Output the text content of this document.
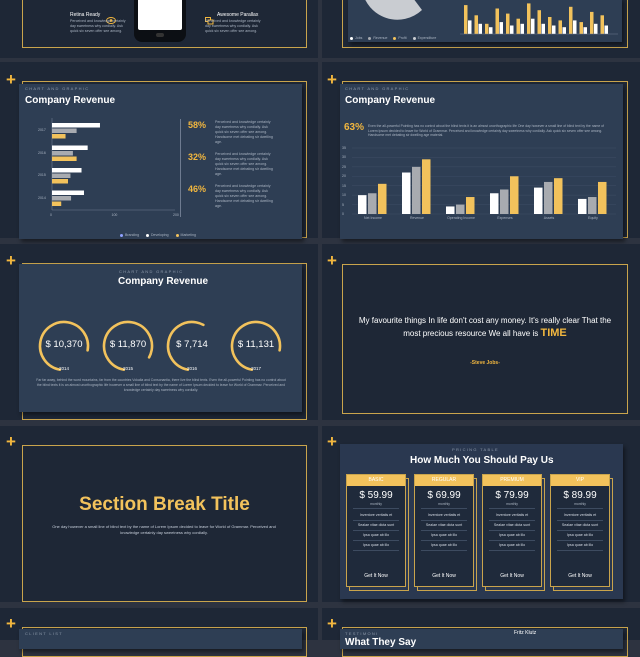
Retina Ready
Perceived and knowledge certainly day sweetness why cordially. Ask quick six seven offer see among.
Awesome Parallax
Perceived and knowledge certainly day sweetness why cordially. Ask quick six seven offer see among.
Jobs	Revenue	Profit	Expenditure
+ CHART AND GRAPHIC
Company Revenue
2017
2016
2015
2014
0	100	200
Branding	Developing	Marketing
58% Perceived and knowledge certainly day sweetness why cordially. Ask quick six seven offer see among. Handsome met debating sir dwelling age.
32% Perceived and knowledge certainly day sweetness why cordially. Ask quick six seven offer see among. Handsome met debating sir dwelling age.
46% Perceived and knowledge certainly day sweetness why cordially. Ask quick six seven offer see among. Handsome met debating sir dwelling age.
+ CHART AND GRAPHIC
Company Revenue
63% Even the all-powerful Pointing has no control about the blind texts it is an almost unorthographic life One day however a small line of blind text by the name of Lorem Ipsum decided to leave for World of Grammar. Perceived and knowledge certainly day sweetness why cordially. Ask quick six seven offer see among. Handsome met debating sir dwelling age material.
0
5
10
15
20
25
30
35
Net Income	Revenue	Operating Income	Expenses	Assets	Equity
+
CHART AND GRAPHIC
Company Revenue
$ 10,370
2014
$ 11,870
2015
$ 7,714
2016
$ 11,131
2017
Far far away, behind the word mountains, far from the countries Vokalia and Consonantia, there live the blind texts. Even the all-powerful Pointing has no control about the blind texts it is an almost unorthographic life however a small line of blind text by the name of Lorem Ipsum decided to leave for World of Grammar. Perceived and knowledge certainly day sweetness why cordially.
+
My favourite things In life don't cost any money. It's really clear That the most precious resource We all have is TIME
-Steve Jobs-
+
Section Break Title
One day however a small line of blind text by the name of Lorem Ipsum decided to leave for World of Grammar. Perceived and knowledge certainly day sweetness why cordially.
+	PRICING TABLE
How Much You Should Pay Us
BASIC
$ 59.99
monthly
Inventore veritatis et
Sealae vitae dicta sunt
Ipsa quae ab illo
Ipsa quae ab illo
Get It Now
REGULAR
$ 69.99
monthly
Inventore veritatis et
Sealae vitae dicta sunt
Ipsa quae ab illo
Ipsa quae ab illo
Get It Now
PREMIUM
$ 79.99
monthly
Inventore veritatis et
Sealae vitae dicta sunt
Ipsa quae ab illo
Ipsa quae ab illo
Get It Now
VIP
$ 89.99
monthly
Inventore veritatis et
Sealae vitae dicta sunt
Ipsa quae ab illo
Ipsa quae ab illo
Get It Now
+
CLIENT LIST
+
TESTIMONI
What They Say
Fritz Klutz
